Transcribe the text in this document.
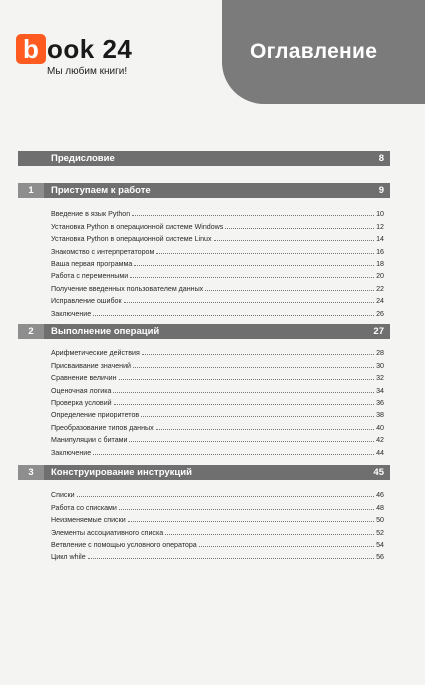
b ook 24
Мы любим книги!
Оглавление
Предисловие	8
1	Приступаем к работе	9
Введение в язык Python	10
Установка Python в операционной системе Windows	12
Установка Python в операционной системе Linux	14
Знакомство с интерпретатором	16
Ваша первая программа	18
Работа с переменными	20
Получение введенных пользователем данных	22
Исправление ошибок	24
Заключение	26
2	Выполнение операций	27
Арифметические действия	28
Присваивание значений	30
Сравнение величин	32
Оценочная логика	34
Проверка условий	36
Определение приоритетов	38
Преобразование типов данных	40
Манипуляции с битами	42
Заключение	44
3	Конструирование инструкций	45
Списки	46
Работа со списками	48
Неизменяемые списки	50
Элементы ассоциативного списка	52
Ветвление с помощью условного оператора	54
Цикл while	56
